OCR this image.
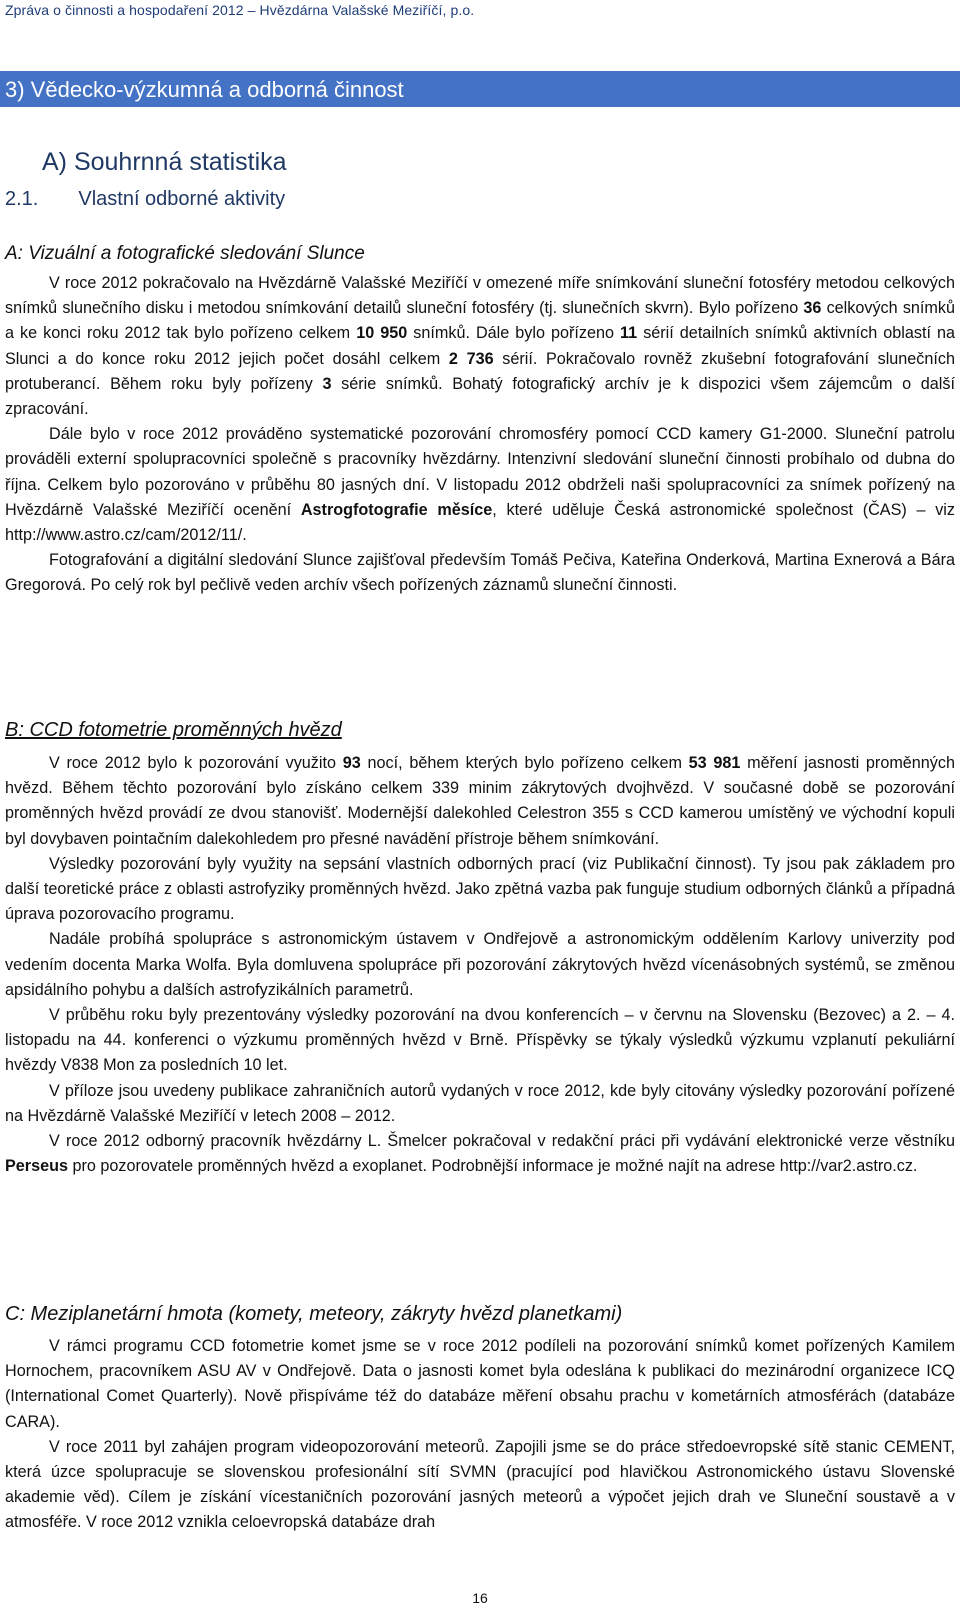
Zpráva o činnosti a hospodaření 2012 – Hvězdárna Valašské Meziříčí, p.o.
3) Vědecko-výzkumná a odborná činnost
A) Souhrnná statistika
2.1. Vlastní odborné aktivity
A: Vizuální a fotografické sledování Slunce

V roce 2012 pokračovalo na Hvězdárně Valašské Meziříčí v omezené míře snímkování sluneční fotosféry metodou celkových snímků slunečního disku i metodou snímkování detailů sluneční fotosféry (tj. slunečních skvrn). Bylo pořízeno 36 celkových snímků a ke konci roku 2012 tak bylo pořízeno celkem 10 950 snímků. Dále bylo pořízeno 11 sérií detailních snímků aktivních oblastí na Slunci a do konce roku 2012 jejich počet dosáhl celkem 2 736 sérií. Pokračovalo rovněž zkušební fotografování slunečních protuberancí. Během roku byly pořízeny 3 série snímků. Bohatý fotografický archív je k dispozici všem zájemcům o další zpracování.

Dále bylo v roce 2012 prováděno systematické pozorování chromosféry pomocí CCD kamery G1-2000. Sluneční patrolu prováděli externí spolupracovníci společně s pracovníky hvězdárny. Intenzivní sledování sluneční činnosti probíhalo od dubna do října. Celkem bylo pozorováno v průběhu 80 jasných dní. V listopadu 2012 obdrželi naši spolupracovníci za snímek pořízený na Hvězdárně Valašské Meziříčí ocenění Astrogfotografie měsíce, které uděluje Česká astronomické společnost (ČAS) – viz http://www.astro.cz/cam/2012/11/.

Fotografování a digitální sledování Slunce zajišťoval především Tomáš Pečiva, Kateřina Onderková, Martina Exnerová a Bára Gregorová. Po celý rok byl pečlivě veden archív všech pořízených záznamů sluneční činnosti.

B: CCD fotometrie proměnných hvězd

V roce 2012 bylo k pozorování využito 93 nocí, během kterých bylo pořízeno celkem 53 981 měření jasnosti proměnných hvězd. Během těchto pozorování bylo získáno celkem 339 minim zákrytových dvojhvězd. V současné době se pozorování proměnných hvězd provádí ze dvou stanovišť. Modernější dalekohled Celestron 355 s CCD kamerou umístěný ve východní kopuli byl dovybaven pointačním dalekohledem pro přesné navádění přístroje během snímkování.

Výsledky pozorování byly využity na sepsání vlastních odborných prací (viz Publikační činnost). Ty jsou pak základem pro další teoretické práce z oblasti astrofyziky proměnných hvězd. Jako zpětná vazba pak funguje studium odborných článků a případná úprava pozorovacího programu.

Nadále probíhá spolupráce s astronomickým ústavem v Ondřejově a astronomickým oddělením Karlovy univerzity pod vedením docenta Marka Wolfa. Byla domluvena spolupráce při pozorování zákrytových hvězd vícenásobných systémů, se změnou apsidálního pohybu a dalších astrofyzikálních parametrů.

V průběhu roku byly prezentovány výsledky pozorování na dvou konferencích – v červnu na Slovensku (Bezovec) a 2. – 4. listopadu na 44. konferenci o výzkumu proměnných hvězd v Brně. Příspěvky se týkaly výsledků výzkumu vzplanutí pekuliární hvězdy V838 Mon za posledních 10 let.

V příloze jsou uvedeny publikace zahraničních autorů vydaných v roce 2012, kde byly citovány výsledky pozorování pořízené na Hvězdárně Valašské Meziříčí v letech 2008 – 2012.

V roce 2012 odborný pracovník hvězdárny L. Šmelcer pokračoval v redakční práci při vydávání elektronické verze věstníku Perseus pro pozorovatele proměnných hvězd a exoplanet. Podrobnější informace je možné najít na adrese http://var2.astro.cz.

C: Meziplanetární hmota (komety, meteory, zákryty hvězd planetkami)

V rámci programu CCD fotometrie komet jsme se v roce 2012 podíleli na pozorování snímků komet pořízených Kamilem Hornochem, pracovníkem ASU AV v Ondřejově. Data o jasnosti komet byla odeslána k publikaci do mezinárodní organizece ICQ (International Comet Quarterly). Nově přispíváme též do databáze měření obsahu prachu v kometárních atmosférách (databáze CARA).

V roce 2011 byl zahájen program videopozorování meteorů. Zapojili jsme se do práce středoevropské sítě stanic CEMENT, která úzce spolupracuje se slovenskou profesionální sítí SVMN (pracující pod hlavičkou Astronomického ústavu Slovenské akademie věd). Cílem je získání vícestaničních pozorování jasných meteorů a výpočet jejich drah ve Sluneční soustavě a v atmosféře. V roce 2012 vznikla celoevropská databáze drah

16
